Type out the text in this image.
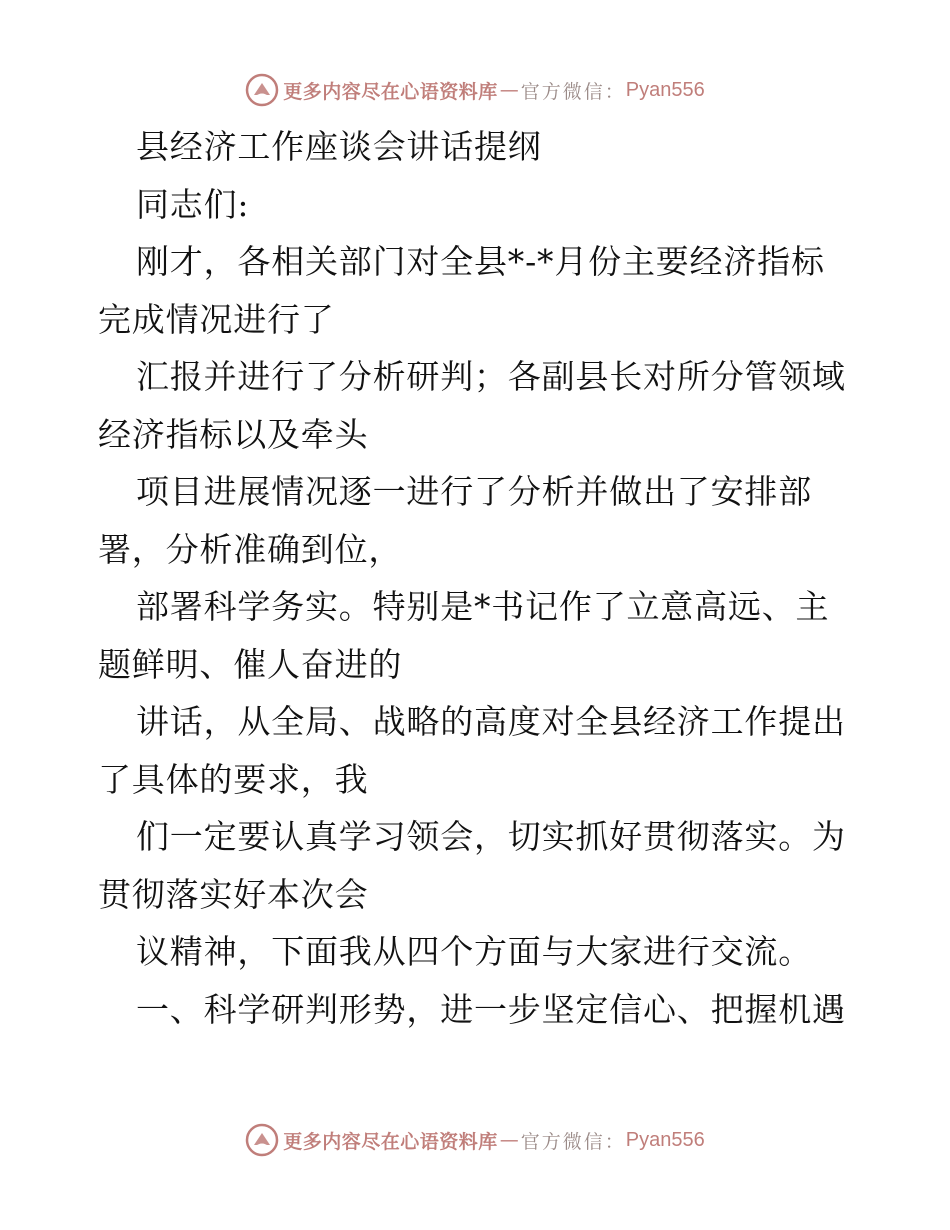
更多内容尽在心语资料库 — 官方微信： Pyan556
县经济工作座谈会讲话提纲
同志们:
刚才，各相关部门对全县*-*月份主要经济指标
完成情况进行了
汇报并进行了分析研判；各副县长对所分管领域
经济指标以及牵头
项目进展情况逐一进行了分析并做出了安排部
署，分析准确到位，
部署科学务实。特别是*书记作了立意高远、主
题鲜明、催人奋进的
讲话，从全局、战略的高度对全县经济工作提出
了具体的要求，我
们一定要认真学习领会，切实抓好贯彻落实。为
贯彻落实好本次会
议精神，下面我从四个方面与大家进行交流。
一、科学研判形势，进一步坚定信心、把握机遇
更多内容尽在心语资料库 — 官方微信： Pyan556
